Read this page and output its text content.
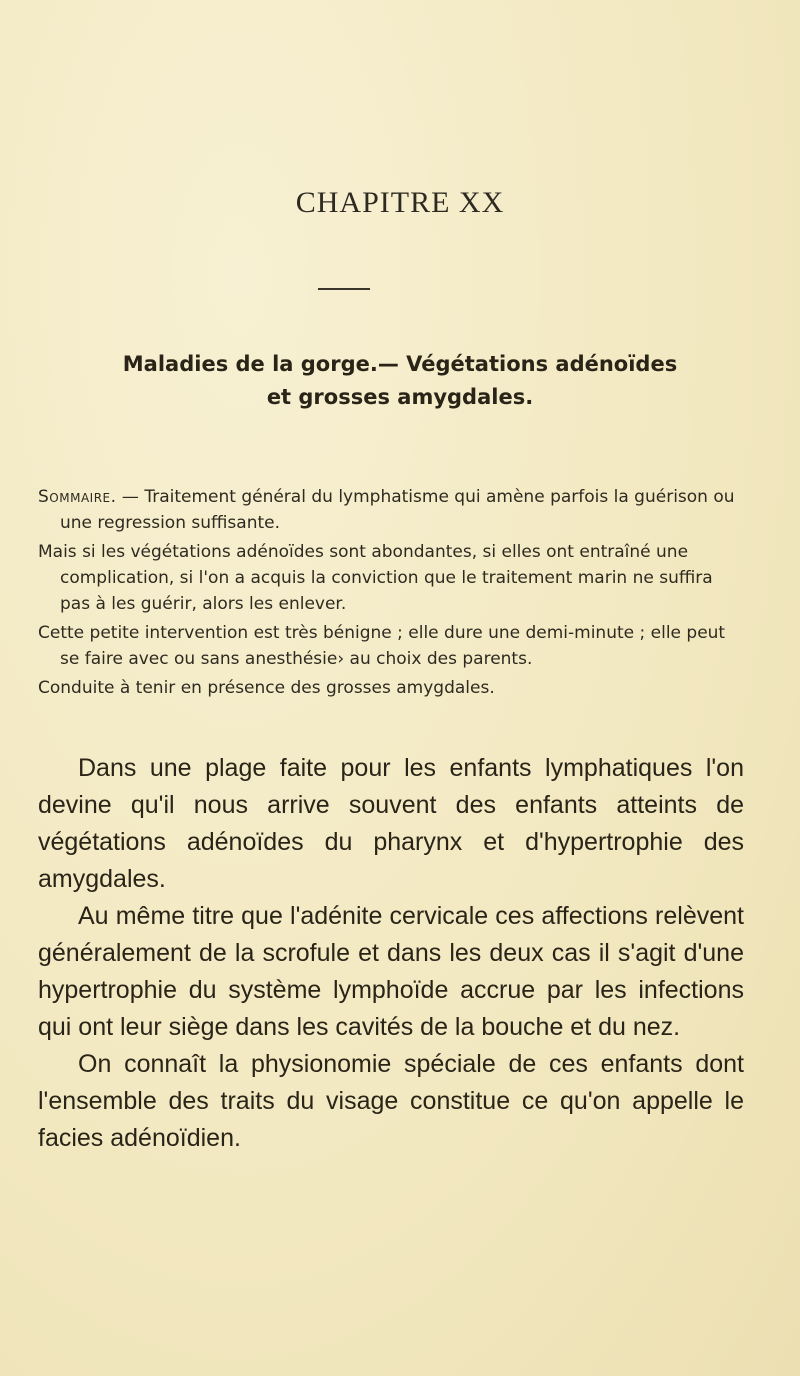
CHAPITRE XX
Maladies de la gorge.— Végétations adénoïdes
et grosses amygdales.
Sommaire. — Traitement général du lymphatisme qui amène parfois la guérison ou une regression suffisante.
Mais si les végétations adénoïdes sont abondantes, si elles ont entraîné une complication, si l'on a acquis la conviction que le traitement marin ne suffira pas à les guérir, alors les enlever.
Cette petite intervention est très bénigne ; elle dure une demi-minute ; elle peut se faire avec ou sans anesthésie› au choix des parents.
Conduite à tenir en présence des grosses amygdales.

Dans une plage faite pour les enfants lymphatiques l'on devine qu'il nous arrive souvent des enfants atteints de végétations adénoïdes du pharynx et d'hypertrophie des amygdales.

Au même titre que l'adénite cervicale ces affections relèvent généralement de la scrofule et dans les deux cas il s'agit d'une hypertrophie du système lymphoïde accrue par les infections qui ont leur siège dans les cavités de la bouche et du nez.

On connaît la physionomie spéciale de ces enfants dont l'ensemble des traits du visage constitue ce qu'on appelle le facies adénoïdien.
